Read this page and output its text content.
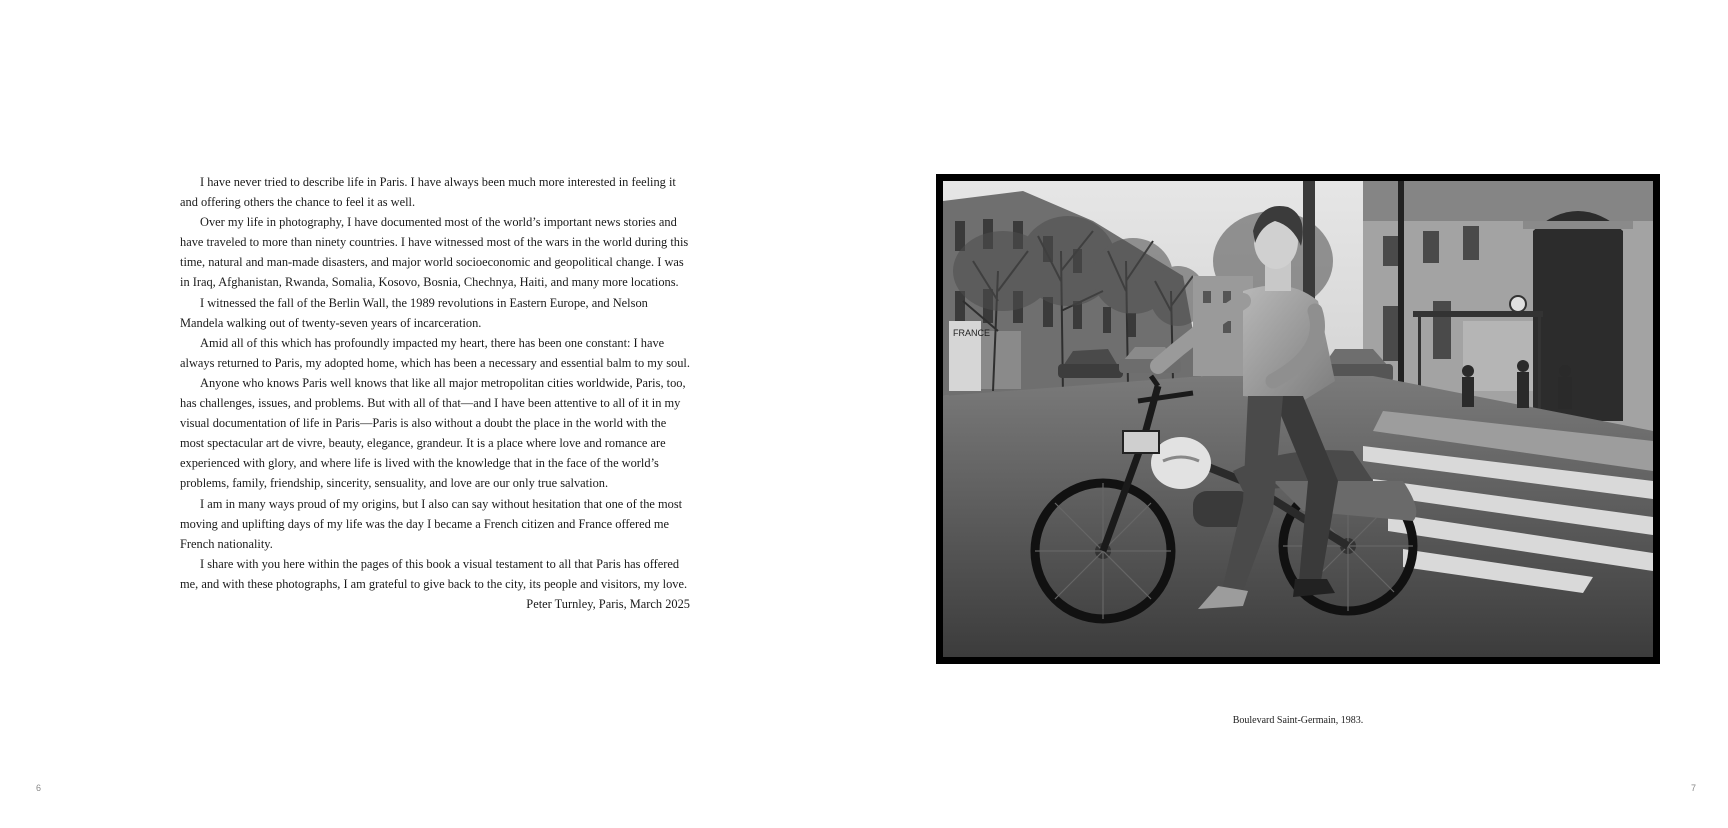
I have never tried to describe life in Paris. I have always been much more interested in feeling it and offering others the chance to feel it as well.

Over my life in photography, I have documented most of the world’s important news stories and have traveled to more than ninety countries. I have witnessed most of the wars in the world during this time, natural and man-made disasters, and major world socioeconomic and geopolitical change. I was in Iraq, Afghanistan, Rwanda, Somalia, Kosovo, Bosnia, Chechnya, Haiti, and many more locations.

I witnessed the fall of the Berlin Wall, the 1989 revolutions in Eastern Europe, and Nelson Mandela walking out of twenty-seven years of incarceration.

Amid all of this which has profoundly impacted my heart, there has been one constant: I have always returned to Paris, my adopted home, which has been a necessary and essential balm to my soul.

Anyone who knows Paris well knows that like all major metropolitan cities worldwide, Paris, too, has challenges, issues, and problems. But with all of that—and I have been attentive to all of it in my visual documentation of life in Paris—Paris is also without a doubt the place in the world with the most spectacular art de vivre, beauty, elegance, grandeur. It is a place where love and romance are experienced with glory, and where life is lived with the knowledge that in the face of the world’s problems, family, friendship, sincerity, sensuality, and love are our only true salvation.

I am in many ways proud of my origins, but I also can say without hesitation that one of the most moving and uplifting days of my life was the day I became a French citizen and France offered me French nationality.

I share with you here within the pages of this book a visual testament to all that Paris has offered me, and with these photographs, I am grateful to give back to the city, its people and visitors, my love.

Peter Turnley, Paris, March 2025

6
FRANCE
Boulevard Saint-Germain, 1983.
7
